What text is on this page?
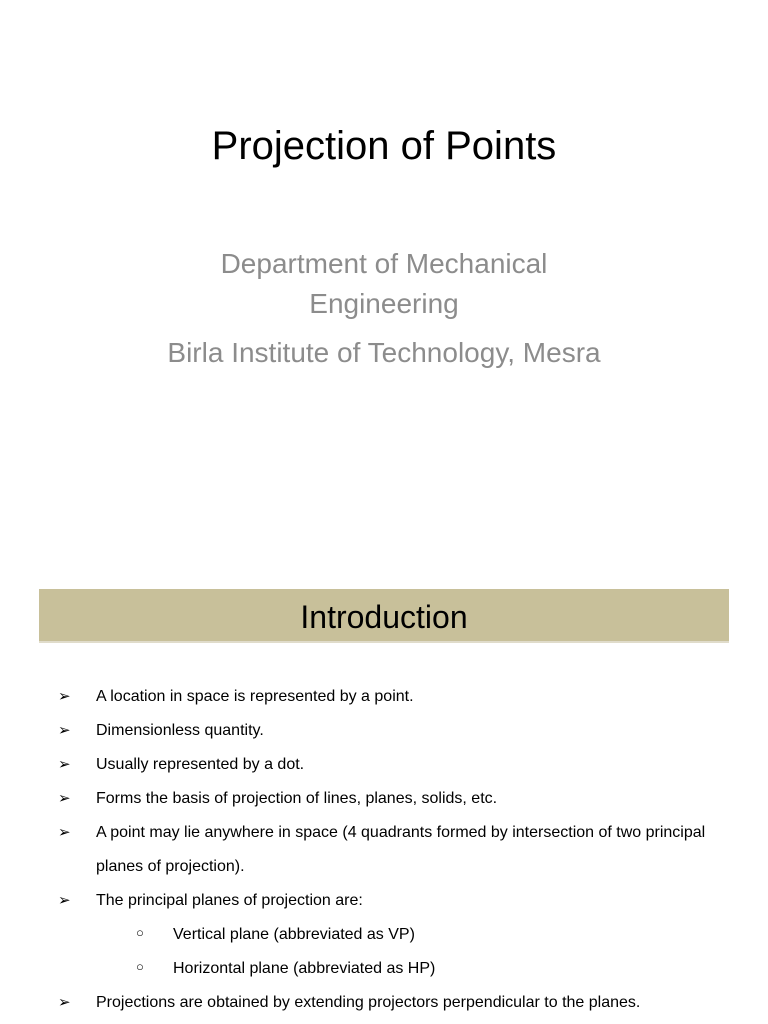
Projection of Points
Department of Mechanical
Engineering
Birla Institute of Technology, Mesra
Introduction
➢ A location in space is represented by a point.
➢ Dimensionless quantity.
➢ Usually represented by a dot.
➢ Forms the basis of projection of lines, planes, solids, etc.
➢ A point may lie anywhere in space (4 quadrants formed by intersection of two principal planes of projection).
➢ The principal planes of projection are:
○ Vertical plane (abbreviated as VP)
○ Horizontal plane (abbreviated as HP)
➢ Projections are obtained by extending projectors perpendicular to the planes.
